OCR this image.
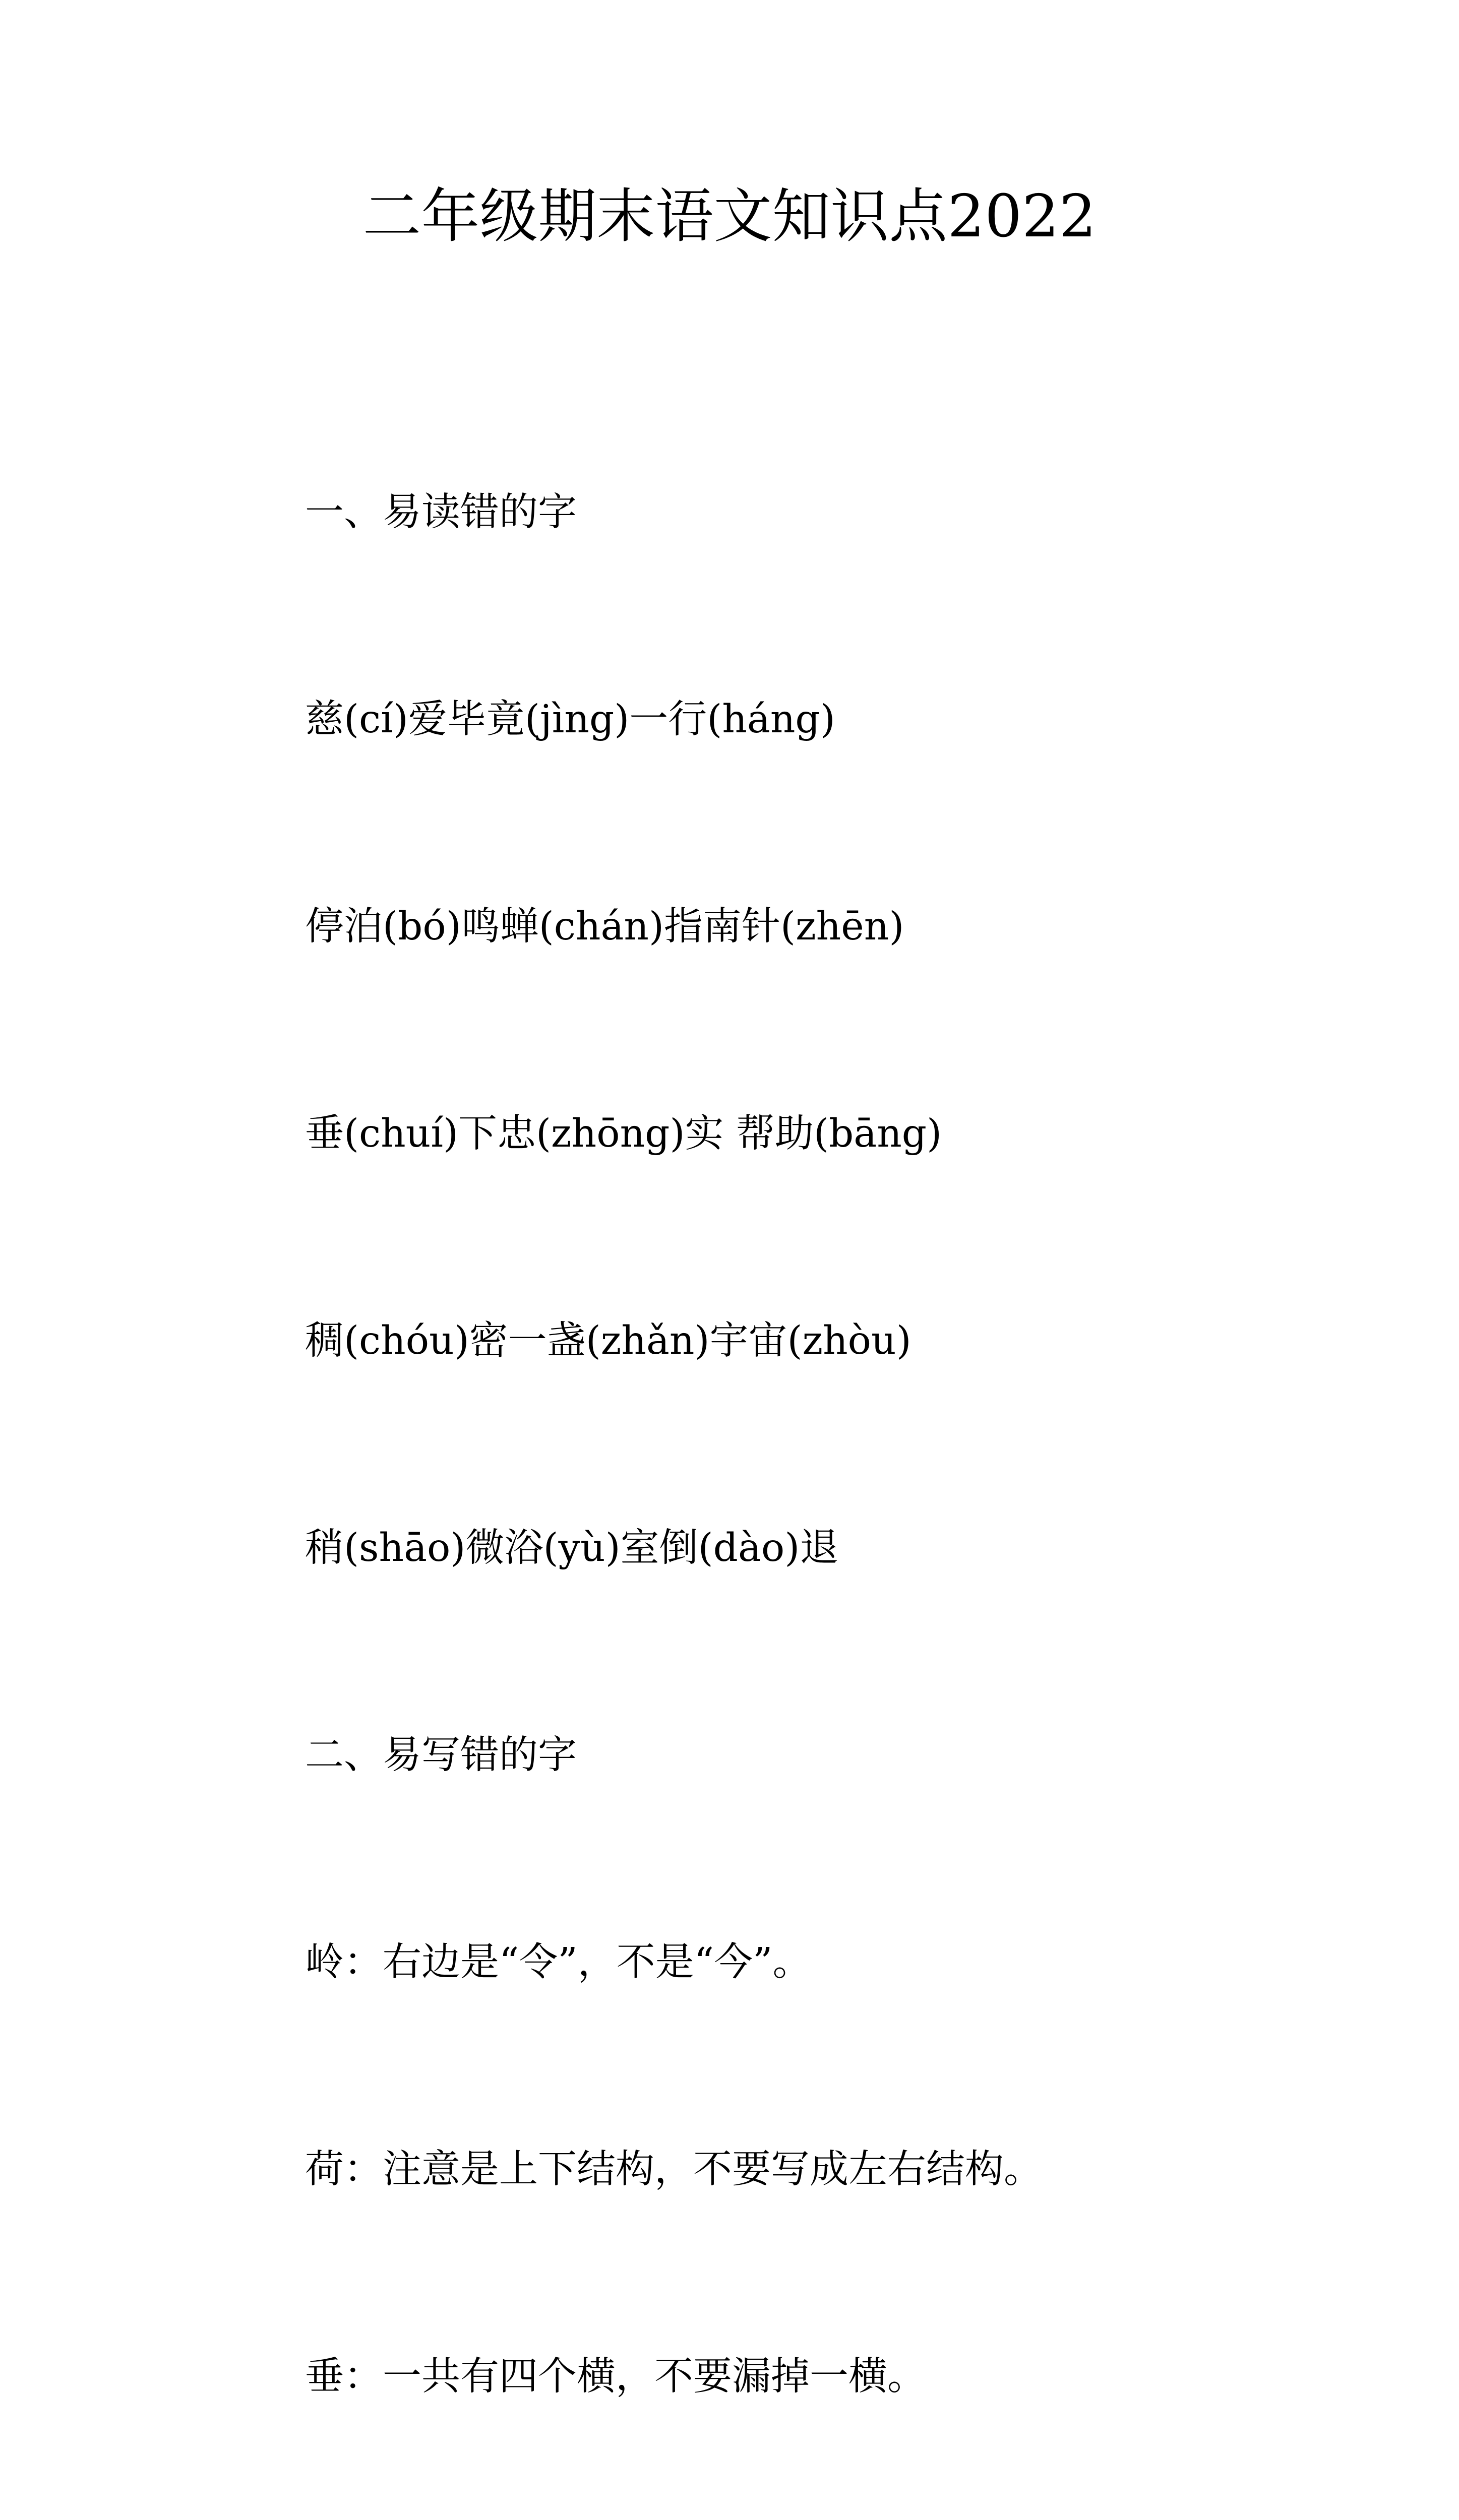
二年级期末语文知识点2022

一、易读错的字

慈(cí)爱毕竟(jìng)一行(háng)

停泊(bó)鸣蝉(chán)指南针(zhēn)

垂(chuí)下忠(zhōng)实 帮助(bāng)

稠(chóu)密一盏(zhǎn)宇宙(zhòu)

稍(shāo)微浴(yù)室倒(dào)退

二、易写错的字

岭：右边是“令”，不是“今”。

荷：注意是上下结构，不要写成左右结构。

垂：一共有四个横，不要漏掉一横。
